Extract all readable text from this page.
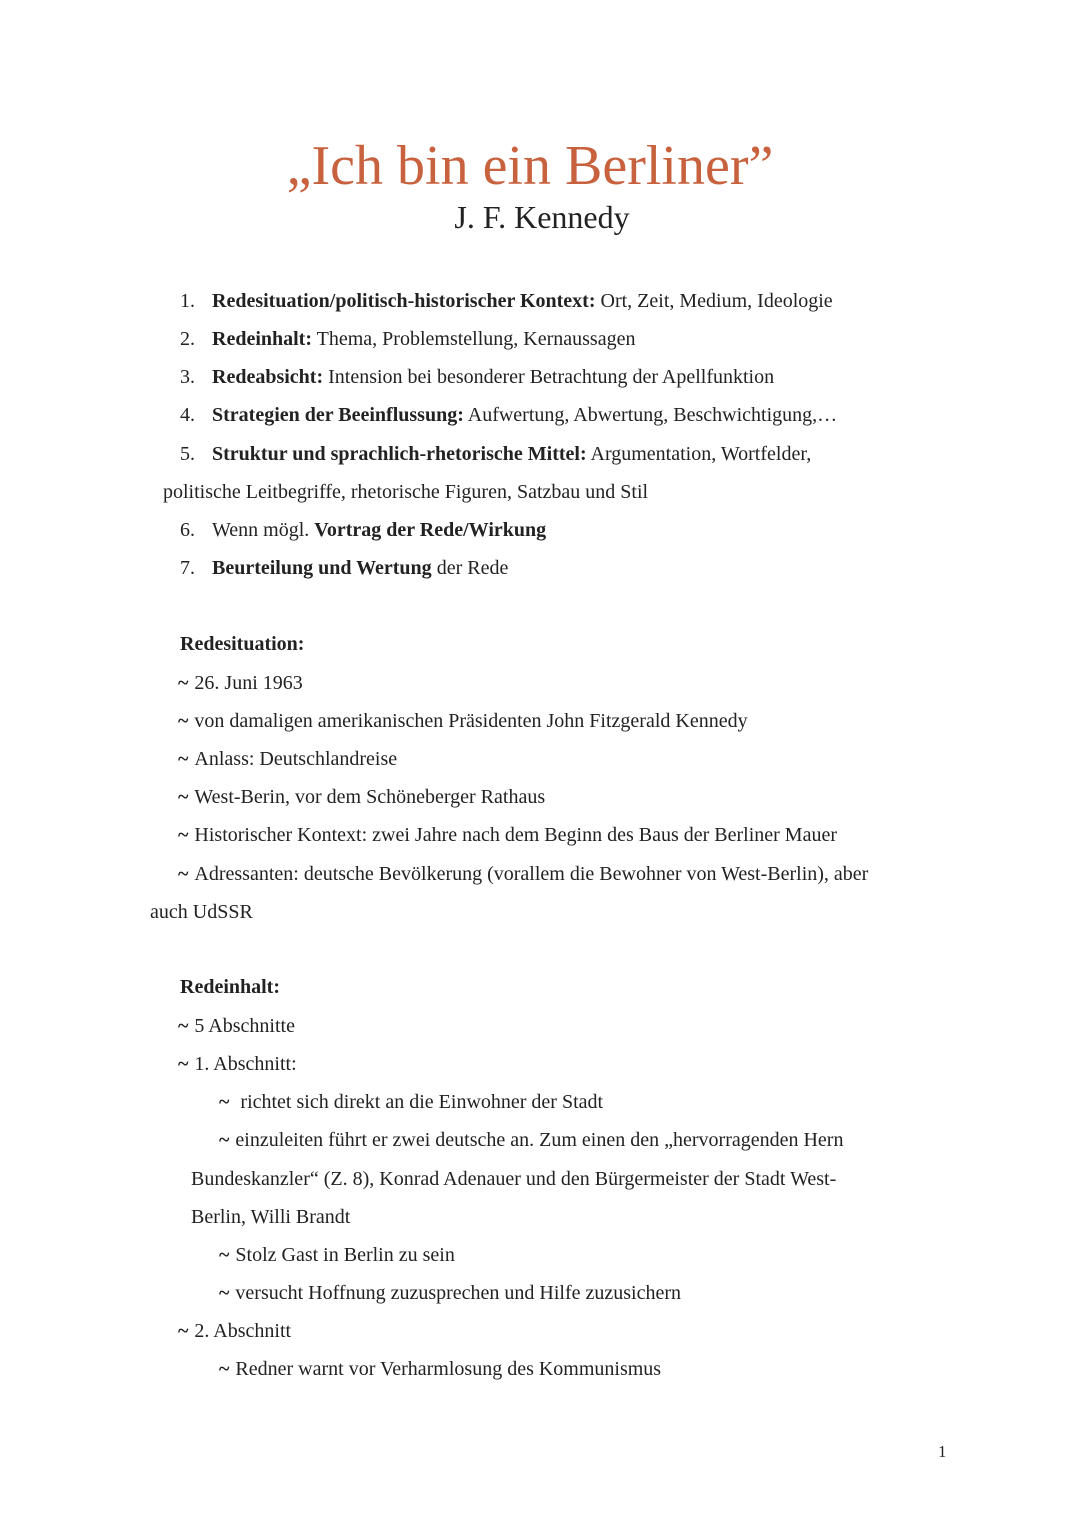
„Ich bin ein Berliner”
J. F. Kennedy
1. Redesituation/politisch-historischer Kontext: Ort, Zeit, Medium, Ideologie
2. Redeinhalt: Thema, Problemstellung, Kernaussagen
3. Redeabsicht: Intension bei besonderer Betrachtung der Apellfunktion
4. Strategien der Beeinflussung: Aufwertung, Abwertung, Beschwichtigung,…
5. Struktur und sprachlich-rhetorische Mittel: Argumentation, Wortfelder,
politische Leitbegriffe, rhetorische Figuren, Satzbau und Stil
6. Wenn mögl. Vortrag der Rede/Wirkung
7. Beurteilung und Wertung der Rede
Redesituation:
~ 26. Juni 1963
~ von damaligen amerikanischen Präsidenten John Fitzgerald Kennedy
~ Anlass: Deutschlandreise
~ West-Berin, vor dem Schöneberger Rathaus
~ Historischer Kontext: zwei Jahre nach dem Beginn des Baus der Berliner Mauer
~ Adressanten: deutsche Bevölkerung (vorallem die Bewohner von West-Berlin), aber
auch UdSSR
Redeinhalt:
~ 5 Abschnitte
~ 1. Abschnitt:
~ richtet sich direkt an die Einwohner der Stadt
~ einzuleiten führt er zwei deutsche an. Zum einen den „hervorragenden Hern
Bundeskanzler“ (Z. 8), Konrad Adenauer und den Bürgermeister der Stadt West-
Berlin, Willi Brandt
~ Stolz Gast in Berlin zu sein
~ versucht Hoffnung zuzusprechen und Hilfe zuzusichern
~ 2. Abschnitt
~ Redner warnt vor Verharmlosung des Kommunismus
1
